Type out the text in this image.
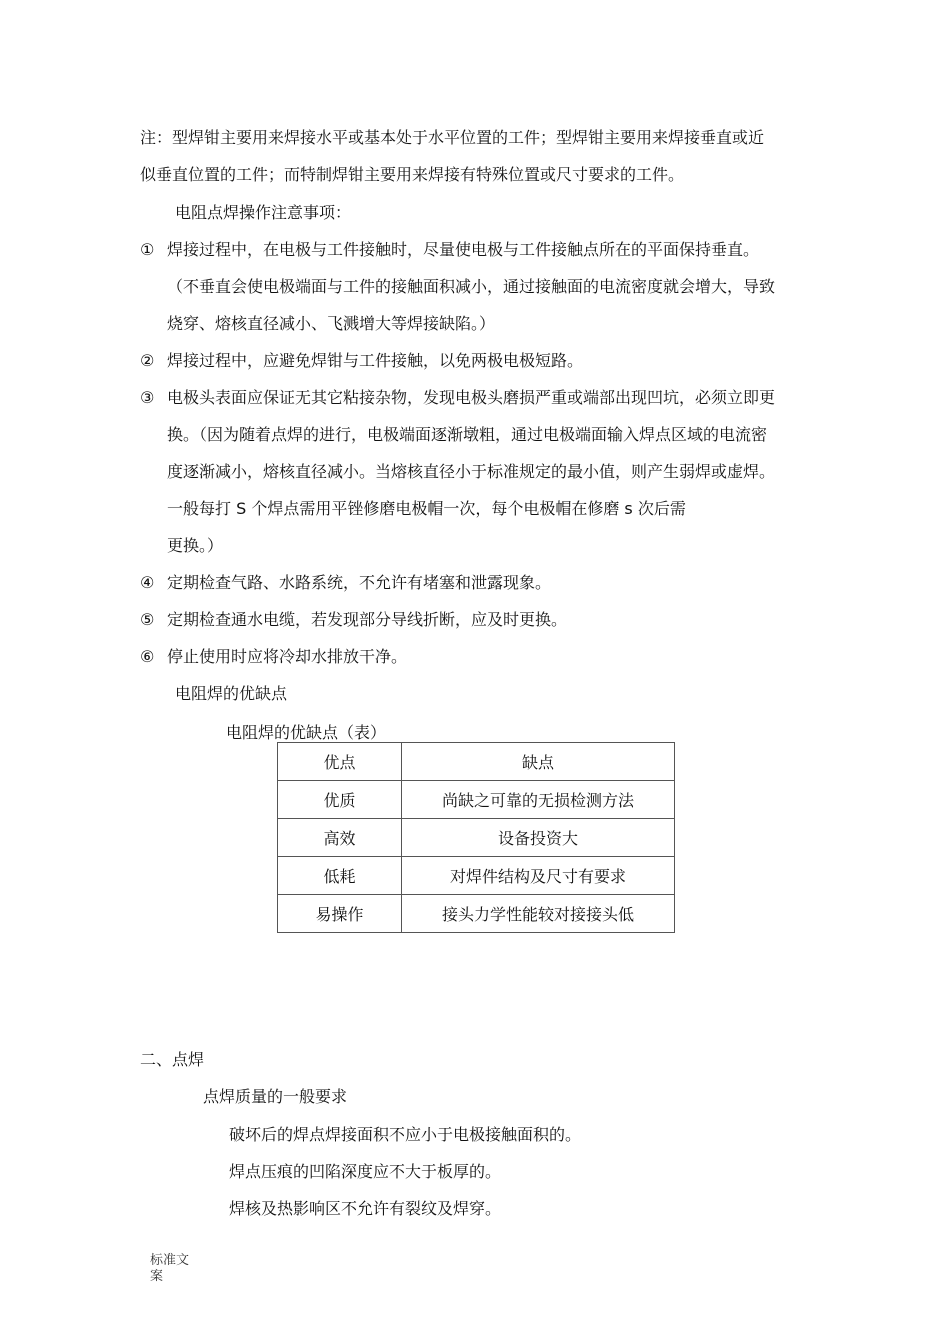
注：型焊钳主要用来焊接水平或基本处于水平位置的工件；型焊钳主要用来焊接垂直或近
似垂直位置的工件；而特制焊钳主要用来焊接有特殊位置或尺寸要求的工件。
电阻点焊操作注意事项：
① 焊接过程中，在电极与工件接触时，尽量使电极与工件接触点所在的平面保持垂直。
（不垂直会使电极端面与工件的接触面积减小，通过接触面的电流密度就会增大，导致
烧穿、熔核直径减小、飞溅增大等焊接缺陷。）
② 焊接过程中，应避免焊钳与工件接触，以免两极电极短路。
③ 电极头表面应保证无其它粘接杂物，发现电极头磨损严重或端部出现凹坑，必须立即更
换。（因为随着点焊的进行，电极端面逐渐墩粗，通过电极端面输入焊点区域的电流密
度逐渐减小，熔核直径减小。当熔核直径小于标准规定的最小值，则产生弱焊或虚焊。
一般每打 S 个焊点需用平锉修磨电极帽一次，每个电极帽在修磨 s 次后需
更换。）
④ 定期检查气路、水路系统，不允许有堵塞和泄露现象。
⑤ 定期检查通水电缆，若发现部分导线折断，应及时更换。
⑥ 停止使用时应将冷却水排放干净。
电阻焊的优缺点
电阻焊的优缺点（表）
优点	缺点
优质	尚缺之可靠的无损检测方法
高效	设备投资大
低耗	对焊件结构及尺寸有要求
易操作	接头力学性能较对接接头低
二、点焊
点焊质量的一般要求
破坏后的焊点焊接面积不应小于电极接触面积的。
焊点压痕的凹陷深度应不大于板厚的。
焊核及热影响区不允许有裂纹及焊穿。
标准文
案
